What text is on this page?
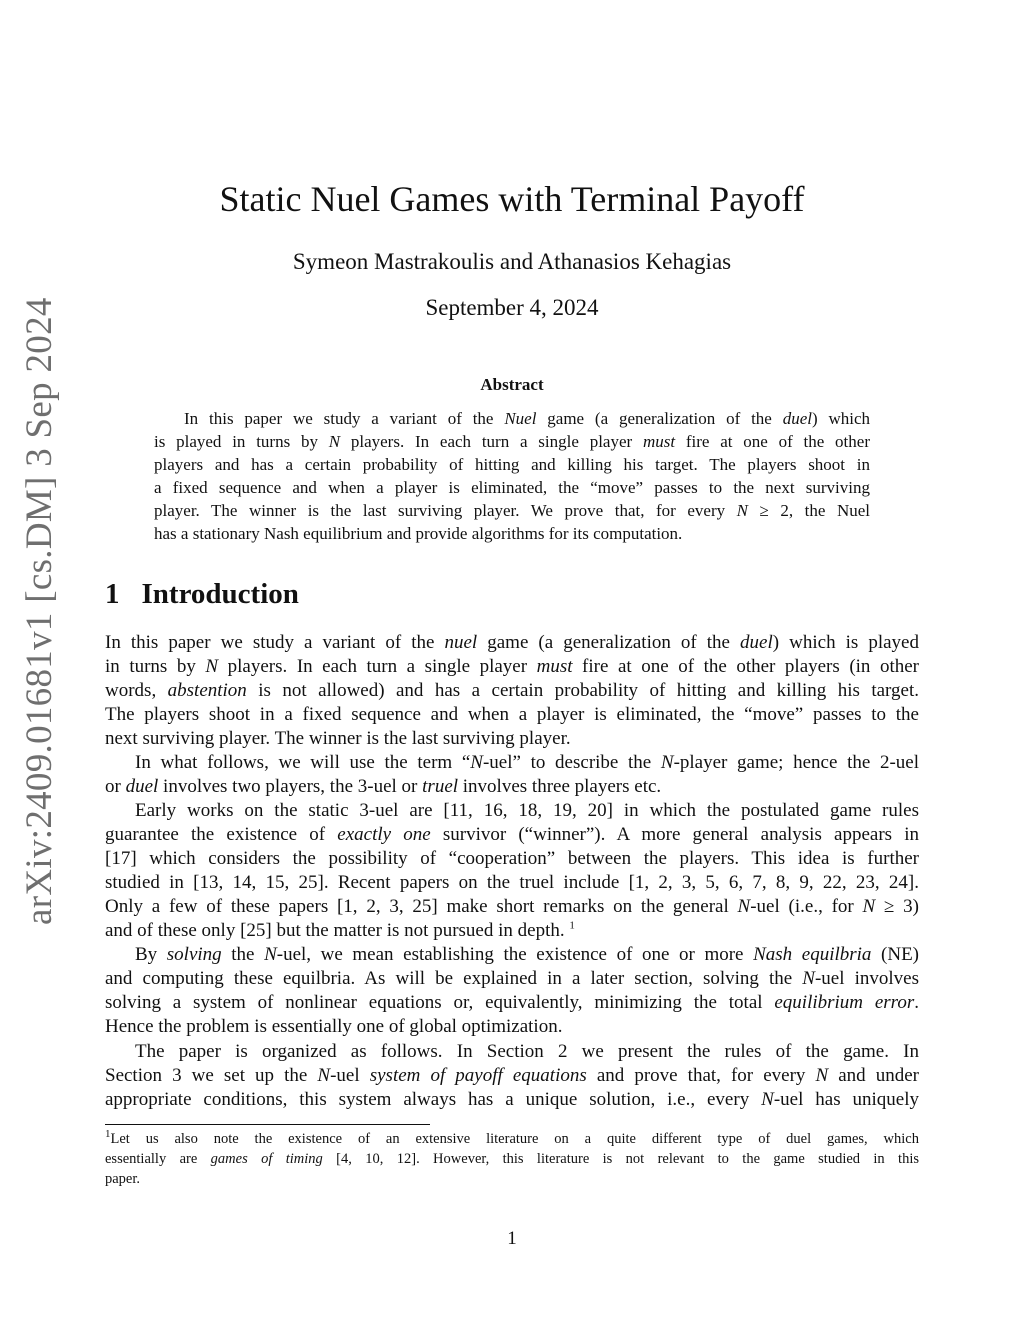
arXiv:2409.01681v1 [cs.DM] 3 Sep 2024
Static Nuel Games with Terminal Payoff
Symeon Mastrakoulis and Athanasios Kehagias
September 4, 2024
Abstract
In this paper we study a variant of the Nuel game (a generalization of the duel) which
is played in turns by N players. In each turn a single player must fire at one of the other
players and has a certain probability of hitting and killing his target. The players shoot in
a fixed sequence and when a player is eliminated, the “move” passes to the next surviving
player. The winner is the last surviving player. We prove that, for every N ≥ 2, the Nuel
has a stationary Nash equilibrium and provide algorithms for its computation.
1 Introduction
In this paper we study a variant of the nuel game (a generalization of the duel) which is played
in turns by N players. In each turn a single player must fire at one of the other players (in other
words, abstention is not allowed) and has a certain probability of hitting and killing his target.
The players shoot in a fixed sequence and when a player is eliminated, the “move” passes to the
next surviving player. The winner is the last surviving player.
In what follows, we will use the term “N-uel” to describe the N-player game; hence the 2-uel
or duel involves two players, the 3-uel or truel involves three players etc.
Early works on the static 3-uel are [11, 16, 18, 19, 20] in which the postulated game rules
guarantee the existence of exactly one survivor (“winner”). A more general analysis appears in
[17] which considers the possibility of “cooperation” between the players. This idea is further
studied in [13, 14, 15, 25]. Recent papers on the truel include [1, 2, 3, 5, 6, 7, 8, 9, 22, 23, 24].
Only a few of these papers [1, 2, 3, 25] make short remarks on the general N-uel (i.e., for N ≥ 3)
and of these only [25] but the matter is not pursued in depth. $^1$
By solving the N-uel, we mean establishing the existence of one or more Nash equilbria (NE)
and computing these equilbria. As will be explained in a later section, solving the N-uel involves
solving a system of nonlinear equations or, equivalently, minimizing the total equilibrium error.
Hence the problem is essentially one of global optimization.
The paper is organized as follows. In Section 2 we present the rules of the game. In
Section 3 we set up the N-uel system of payoff equations and prove that, for every N and under
appropriate conditions, this system always has a unique solution, i.e., every N-uel has uniquely
$^1$Let us also note the existence of an extensive literature on a quite different type of duel games, which
essentially are games of timing [4, 10, 12]. However, this literature is not relevant to the game studied in this
paper.
1
